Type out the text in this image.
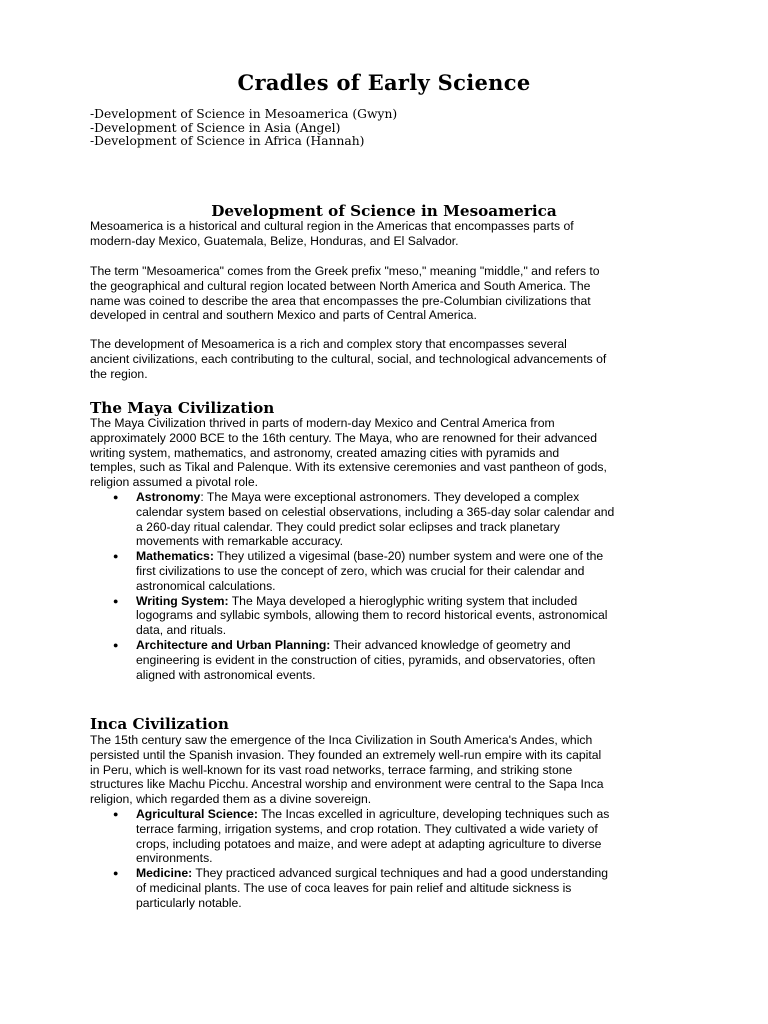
Cradles of Early Science
-Development of Science in Mesoamerica (Gwyn)
-Development of Science in Asia (Angel)
-Development of Science in Africa (Hannah)
Development of Science in Mesoamerica
Mesoamerica is a historical and cultural region in the Americas that encompasses parts of
modern-day Mexico, Guatemala, Belize, Honduras, and El Salvador.
The term "Mesoamerica" comes from the Greek prefix "meso," meaning "middle," and refers to
the geographical and cultural region located between North America and South America. The
name was coined to describe the area that encompasses the pre-Columbian civilizations that
developed in central and southern Mexico and parts of Central America.
The development of Mesoamerica is a rich and complex story that encompasses several
ancient civilizations, each contributing to the cultural, social, and technological advancements of
the region.
The Maya Civilization
The Maya Civilization thrived in parts of modern-day Mexico and Central America from
approximately 2000 BCE to the 16th century. The Maya, who are renowned for their advanced
writing system, mathematics, and astronomy, created amazing cities with pyramids and
temples, such as Tikal and Palenque. With its extensive ceremonies and vast pantheon of gods,
religion assumed a pivotal role.
● Astronomy: The Maya were exceptional astronomers. They developed a complex
calendar system based on celestial observations, including a 365-day solar calendar and
a 260-day ritual calendar. They could predict solar eclipses and track planetary
movements with remarkable accuracy.
● Mathematics: They utilized a vigesimal (base-20) number system and were one of the
first civilizations to use the concept of zero, which was crucial for their calendar and
astronomical calculations.
● Writing System: The Maya developed a hieroglyphic writing system that included
logograms and syllabic symbols, allowing them to record historical events, astronomical
data, and rituals.
● Architecture and Urban Planning: Their advanced knowledge of geometry and
engineering is evident in the construction of cities, pyramids, and observatories, often
aligned with astronomical events.
Inca Civilization
The 15th century saw the emergence of the Inca Civilization in South America's Andes, which
persisted until the Spanish invasion. They founded an extremely well-run empire with its capital
in Peru, which is well-known for its vast road networks, terrace farming, and striking stone
structures like Machu Picchu. Ancestral worship and environment were central to the Sapa Inca
religion, which regarded them as a divine sovereign.
● Agricultural Science: The Incas excelled in agriculture, developing techniques such as
terrace farming, irrigation systems, and crop rotation. They cultivated a wide variety of
crops, including potatoes and maize, and were adept at adapting agriculture to diverse
environments.
● Medicine: They practiced advanced surgical techniques and had a good understanding
of medicinal plants. The use of coca leaves for pain relief and altitude sickness is
particularly notable.
